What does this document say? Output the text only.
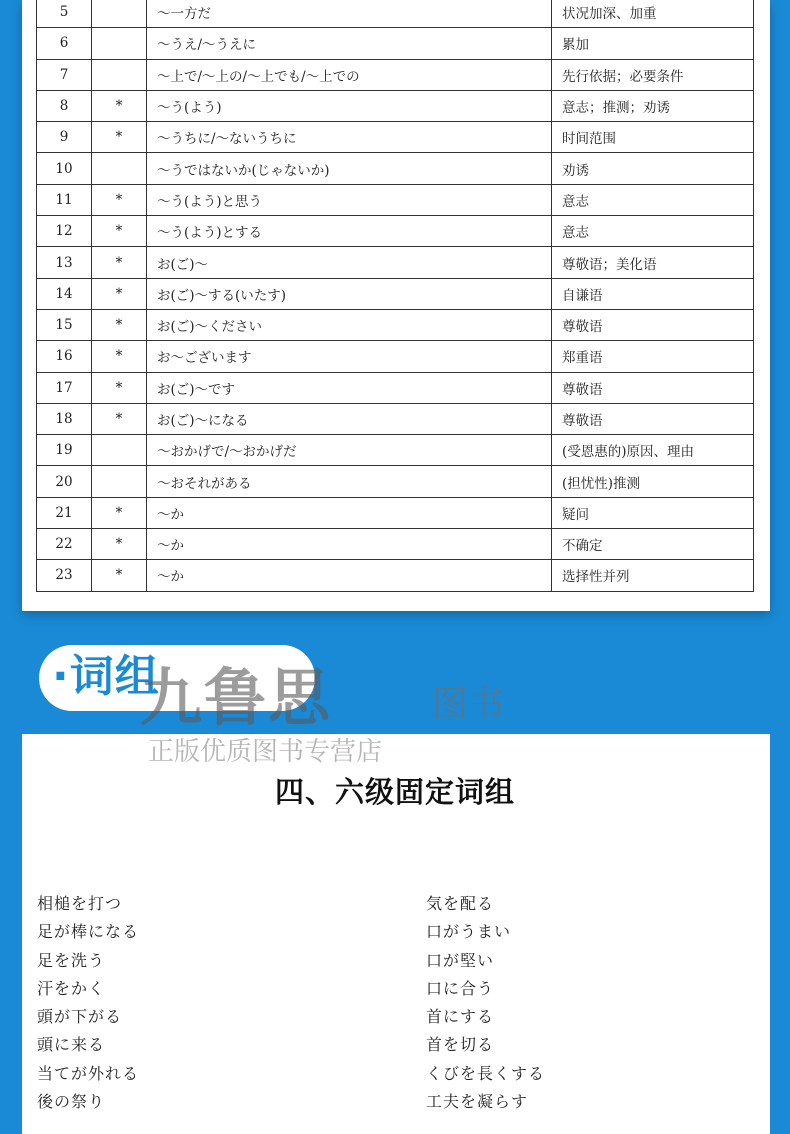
5		～一方だ	状况加深、加重
6		～うえ/～うえに	累加
7		～上で/～上の/～上でも/～上での	先行依据；必要条件
8	*	～う(よう)	意志；推测；劝诱
9	*	～うちに/～ないうちに	时间范围
10		～うではないか(じゃないか)	劝诱
11	*	～う(よう)と思う	意志
12	*	～う(よう)とする	意志
13	*	お(ご)～	尊敬语；美化语
14	*	お(ご)～する(いたす)	自谦语
15	*	お(ご)～ください	尊敬语
16	*	お～ございます	郑重语
17	*	お(ご)～です	尊敬语
18	*	お(ご)～になる	尊敬语
19		～おかげで/～おかげだ	(受恩惠的)原因、理由
20		～おそれがある	(担忧性)推测
21	*	～か	疑问
22	*	～か	不确定
23	*	～か	选择性并列
·词组
九鲁思	图书
正版优质图书专营店
四、六级固定词组
相槌を打つ
足が棒になる
足を洗う
汗をかく
頭が下がる
頭に来る
当てが外れる
後の祭り
気を配る
口がうまい
口が堅い
口に合う
首にする
首を切る
くびを長くする
工夫を凝らす
